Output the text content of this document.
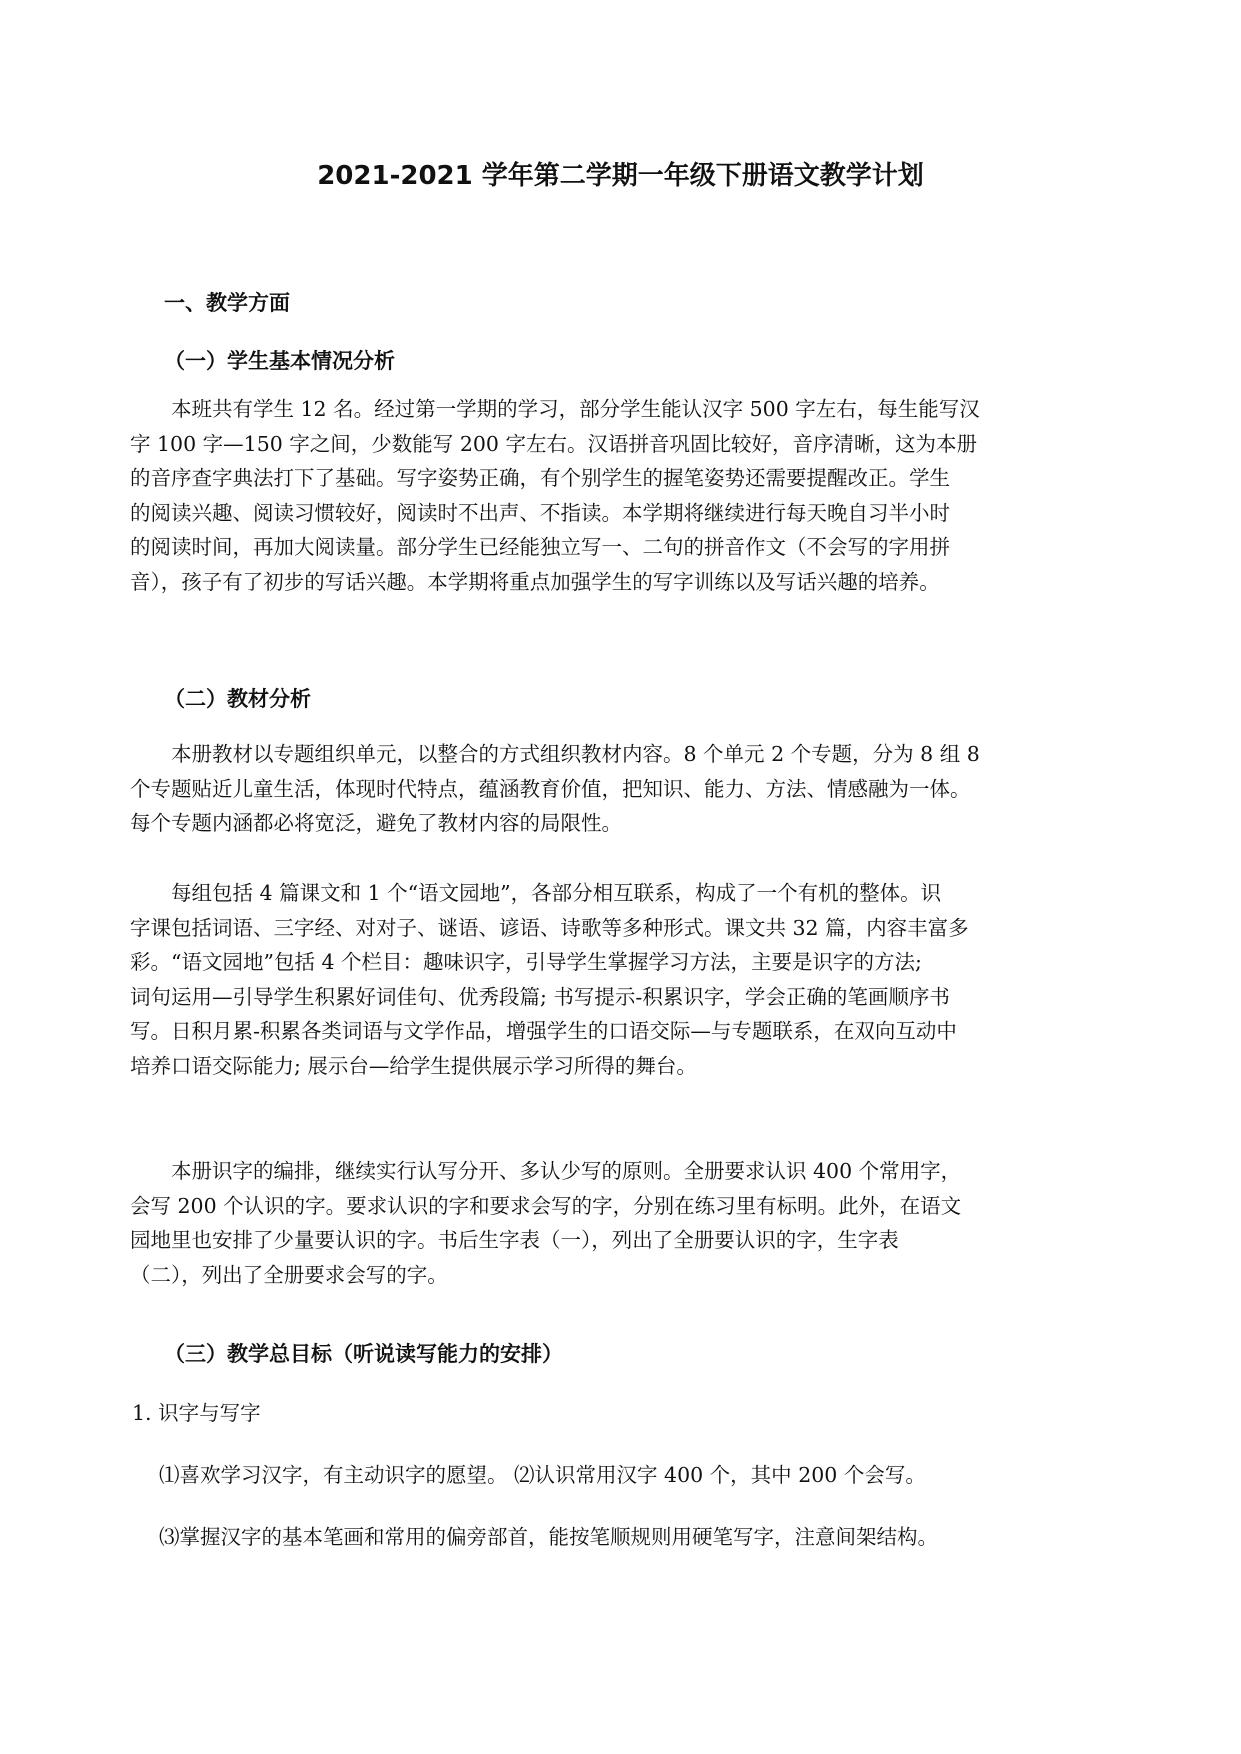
2021-2021 学年第二学期一年级下册语文教学计划
一、教学方面
（一）学生基本情况分析

本班共有学生 12 名。经过第一学期的学习，部分学生能认汉字 500 字左右，每生能写汉
字 100 字—150 字之间，少数能写 200 字左右。汉语拼音巩固比较好，音序清晰，这为本册
的音序查字典法打下了基础。写字姿势正确，有个别学生的握笔姿势还需要提醒改正。学生
的阅读兴趣、阅读习惯较好，阅读时不出声、不指读。本学期将继续进行每天晚自习半小时
的阅读时间，再加大阅读量。部分学生已经能独立写一、二句的拼音作文（不会写的字用拼
音），孩子有了初步的写话兴趣。本学期将重点加强学生的写字训练以及写话兴趣的培养。

（二）教材分析

本册教材以专题组织单元，以整合的方式组织教材内容。8 个单元 2 个专题，分为 8 组 8
个专题贴近儿童生活，体现时代特点，蕴涵教育价值，把知识、能力、方法、情感融为一体。
每个专题内涵都必将宽泛，避免了教材内容的局限性。

每组包括 4 篇课文和 1 个“语文园地”，各部分相互联系，构成了一个有机的整体。识
字课包括词语、三字经、对对子、谜语、谚语、诗歌等多种形式。课文共 32 篇，内容丰富多
彩。“语文园地”包括 4 个栏目：趣味识字，引导学生掌握学习方法，主要是识字的方法;
词句运用—引导学生积累好词佳句、优秀段篇; 书写提示-积累识字，学会正确的笔画顺序书
写。日积月累-积累各类词语与文学作品，增强学生的口语交际—与专题联系，在双向互动中
培养口语交际能力; 展示台—给学生提供展示学习所得的舞台。

本册识字的编排，继续实行认写分开、多认少写的原则。全册要求认识 400 个常用字，
会写 200 个认识的字。要求认识的字和要求会写的字，分别在练习里有标明。此外，在语文
园地里也安排了少量要认识的字。书后生字表（一），列出了全册要认识的字，生字表
（二），列出了全册要求会写的字。

（三）教学总目标（听说读写能力的安排）

1. 识字与写字

⑴喜欢学习汉字，有主动识字的愿望。 ⑵认识常用汉字 400 个，其中 200 个会写。

⑶掌握汉字的基本笔画和常用的偏旁部首，能按笔顺规则用硬笔写字，注意间架结构。
